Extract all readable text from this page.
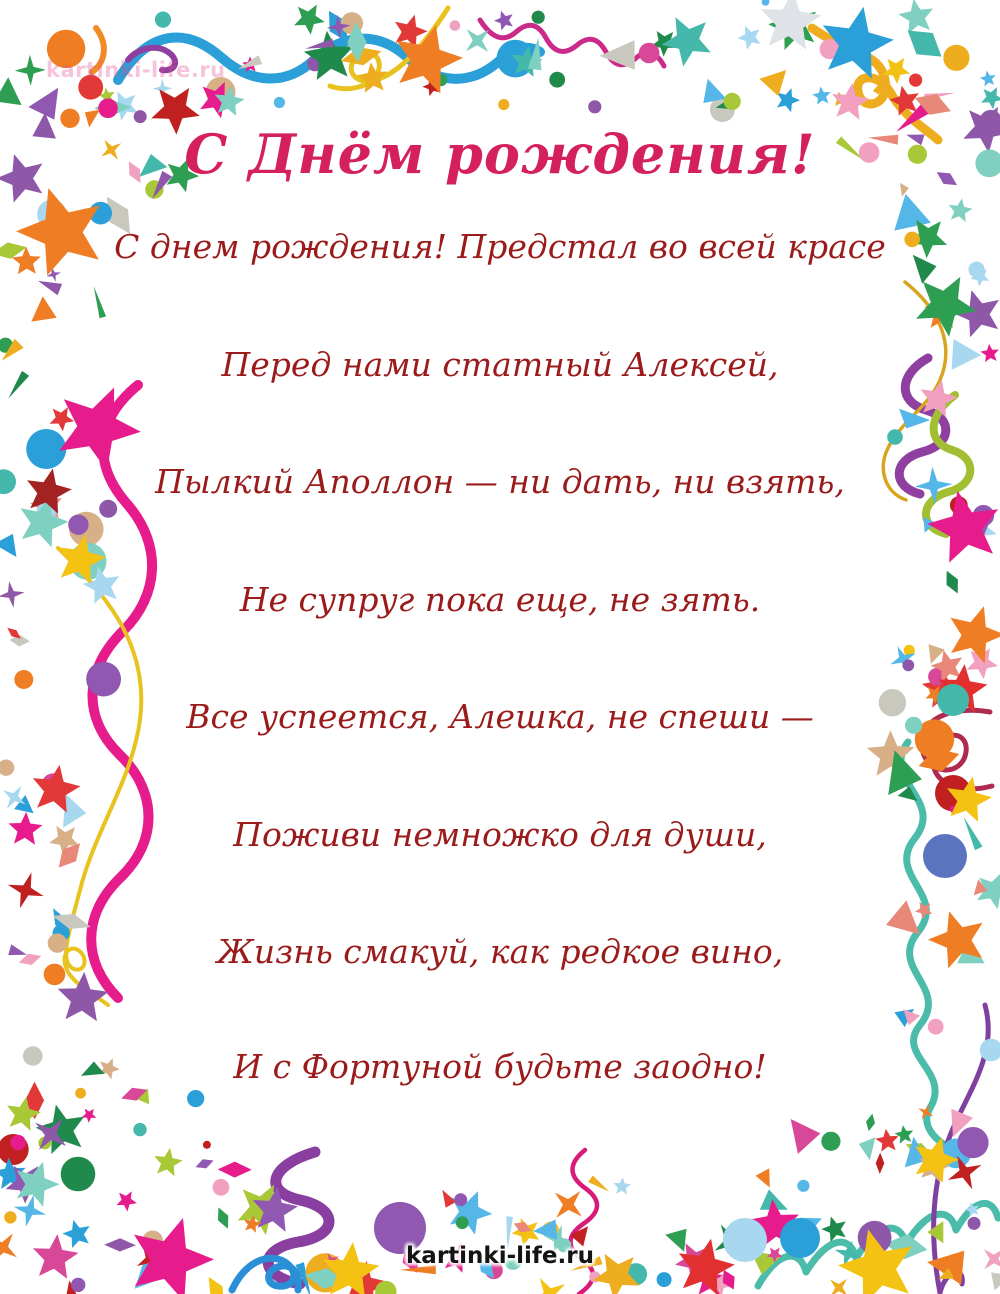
kartinki-life.ru
С Днём рождения!

С днем рождения! Предстал во всей красе

Перед нами статный Алексей,

Пылкий Аполлон — ни дать, ни взять,

Не супруг пока еще, не зять.

Все успеется, Алешка, не спеши —

Поживи немножко для души,

Жизнь смакуй, как редкое вино,

И с Фортуной будьте заодно!

kartinki-life.ru
